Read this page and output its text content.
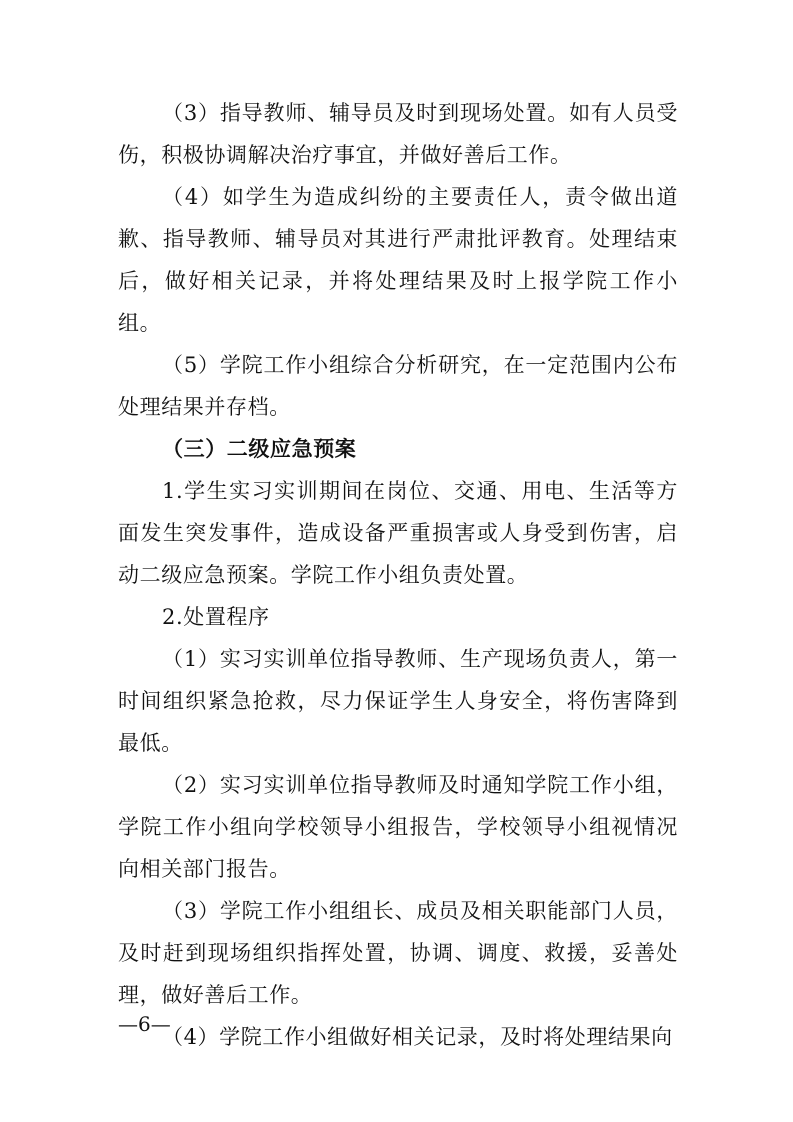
（3）指导教师、辅导员及时到现场处置。如有人员受伤，积极协调解决治疗事宜，并做好善后工作。

（4）如学生为造成纠纷的主要责任人，责令做出道歉、指导教师、辅导员对其进行严肃批评教育。处理结束后，做好相关记录，并将处理结果及时上报学院工作小组。

（5）学院工作小组综合分析研究，在一定范围内公布处理结果并存档。

（三）二级应急预案

1.学生实习实训期间在岗位、交通、用电、生活等方面发生突发事件，造成设备严重损害或人身受到伤害，启动二级应急预案。学院工作小组负责处置。

2.处置程序

（1）实习实训单位指导教师、生产现场负责人，第一时间组织紧急抢救，尽力保证学生人身安全，将伤害降到最低。

（2）实习实训单位指导教师及时通知学院工作小组，学院工作小组向学校领导小组报告，学校领导小组视情况向相关部门报告。

（3）学院工作小组组长、成员及相关职能部门人员，及时赶到现场组织指挥处置，协调、调度、救援，妥善处理，做好善后工作。

（4）学院工作小组做好相关记录，及时将处理结果向

—6—
